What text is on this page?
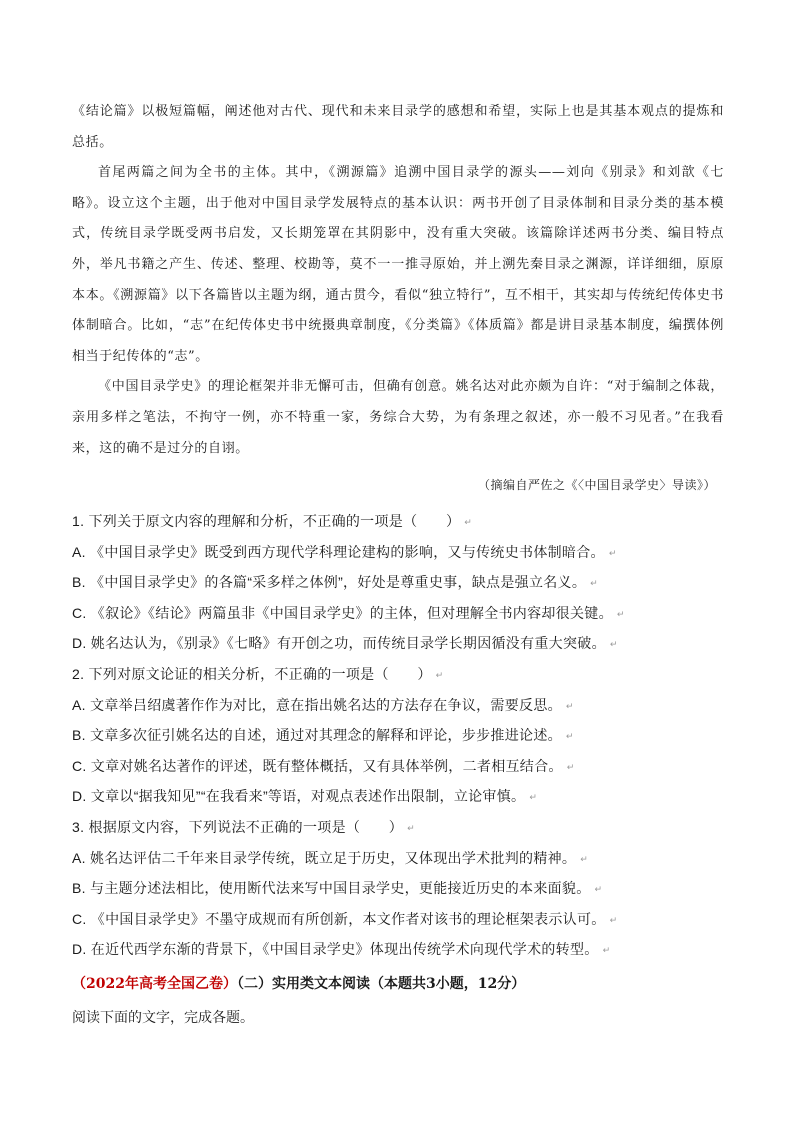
《结论篇》以极短篇幅，阐述他对古代、现代和未来目录学的感想和希望，实际上也是其基本观点的提炼和总括。

首尾两篇之间为全书的主体。其中，《溯源篇》追溯中国目录学的源头——刘向《别录》和刘歆《七略》。设立这个主题，出于他对中国目录学发展特点的基本认识：两书开创了目录体制和目录分类的基本模式，传统目录学既受两书启发，又长期笼罩在其阴影中，没有重大突破。该篇除详述两书分类、编目特点外，举凡书籍之产生、传述、整理、校勘等，莫不一一推寻原始，并上溯先秦目录之渊源，详详细细，原原本本。《溯源篇》以下各篇皆以主题为纲，通古贯今，看似“独立特行”，互不相干，其实却与传统纪传体史书体制暗合。比如，“志”在纪传体史书中统摄典章制度，《分类篇》《体质篇》都是讲目录基本制度，编撰体例相当于纪传体的“志”。

《中国目录学史》的理论框架并非无懈可击，但确有创意。姚名达对此亦颇为自许：“对于编制之体裁，亲用多样之笔法，不拘守一例，亦不特重一家，务综合大势，为有条理之叙述，亦一般不习见者。”在我看来，这的确不是过分的自诩。

（摘编自严佐之《〈中国目录学史〉导读》）
1. 下列关于原文内容的理解和分析，不正确的一项是（　　） ↵
A. 《中国目录学史》既受到西方现代学科理论建构的影响，又与传统史书体制暗合。 ↵
B. 《中国目录学史》的各篇“采多样之体例”，好处是尊重史事，缺点是强立名义。 ↵
C. 《叙论》《结论》两篇虽非《中国目录学史》的主体，但对理解全书内容却很关键。 ↵
D. 姚名达认为，《别录》《七略》有开创之功，而传统目录学长期因循没有重大突破。 ↵
2. 下列对原文论证的相关分析，不正确的一项是（　　） ↵
A. 文章举吕绍虞著作作为对比，意在指出姚名达的方法存在争议，需要反思。 ↵
B. 文章多次征引姚名达的自述，通过对其理念的解释和评论，步步推进论述。 ↵
C. 文章对姚名达著作的评述，既有整体概括，又有具体举例，二者相互结合。 ↵
D. 文章以“据我知见”“在我看来”等语，对观点表述作出限制，立论审慎。 ↵
3. 根据原文内容，下列说法不正确的一项是（　　） ↵
A. 姚名达评估二千年来目录学传统，既立足于历史，又体现出学术批判的精神。 ↵
B. 与主题分述法相比，使用断代法来写中国目录学史，更能接近历史的本来面貌。 ↵
C. 《中国目录学史》不墨守成规而有所创新，本文作者对该书的理论框架表示认可。 ↵
D. 在近代西学东渐的背景下，《中国目录学史》体现出传统学术向现代学术的转型。 ↵
（2022年高考全国乙卷）（二）实用类文本阅读（本题共3小题，12分）
阅读下面的文字，完成各题。
